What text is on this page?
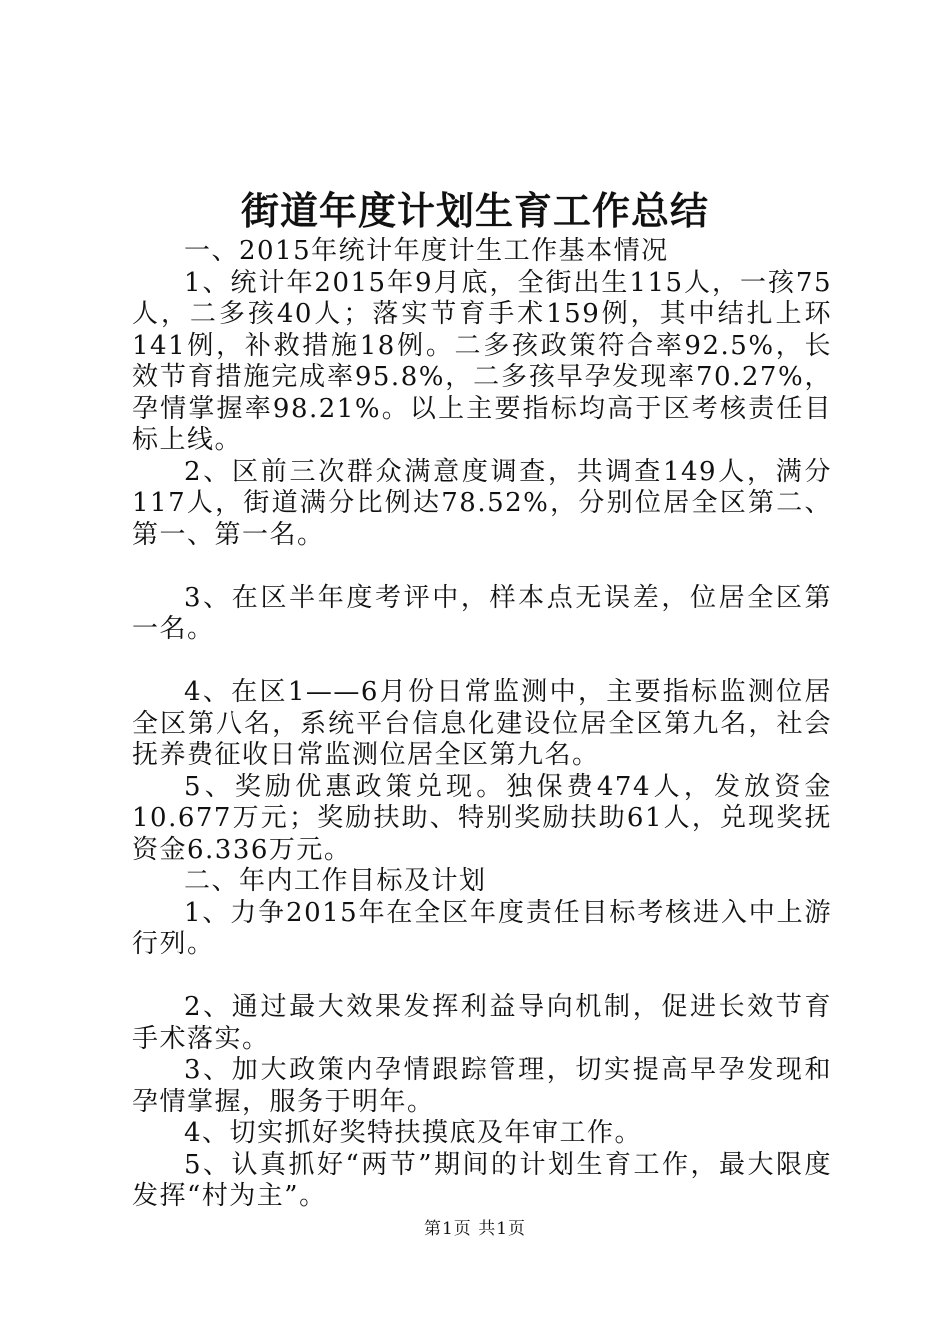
街道年度计划生育工作总结

一、2015年统计年度计生工作基本情况

1、统计年2015年9月底，全街出生115人，一孩75人，二多孩40人；落实节育手术159例，其中结扎上环141例，补救措施18例。二多孩政策符合率92.5%，长效节育措施完成率95.8%，二多孩早孕发现率70.27%，孕情掌握率98.21%。以上主要指标均高于区考核责任目标上线。

2、区前三次群众满意度调查，共调查149人，满分117人，街道满分比例达78.52%，分别位居全区第二、第一、第一名。

3、在区半年度考评中，样本点无误差，位居全区第一名。

4、在区1——6月份日常监测中，主要指标监测位居全区第八名，系统平台信息化建设位居全区第九名，社会抚养费征收日常监测位居全区第九名。

5、奖励优惠政策兑现。独保费474人，发放资金10.677万元；奖励扶助、特别奖励扶助61人，兑现奖抚资金6.336万元。

二、年内工作目标及计划

1、力争2015年在全区年度责任目标考核进入中上游行列。

2、通过最大效果发挥利益导向机制，促进长效节育手术落实。

3、加大政策内孕情跟踪管理，切实提高早孕发现和孕情掌握，服务于明年。

4、切实抓好奖特扶摸底及年审工作。

5、认真抓好“两节”期间的计划生育工作，最大限度发挥“村为主”。

第1页 共1页
